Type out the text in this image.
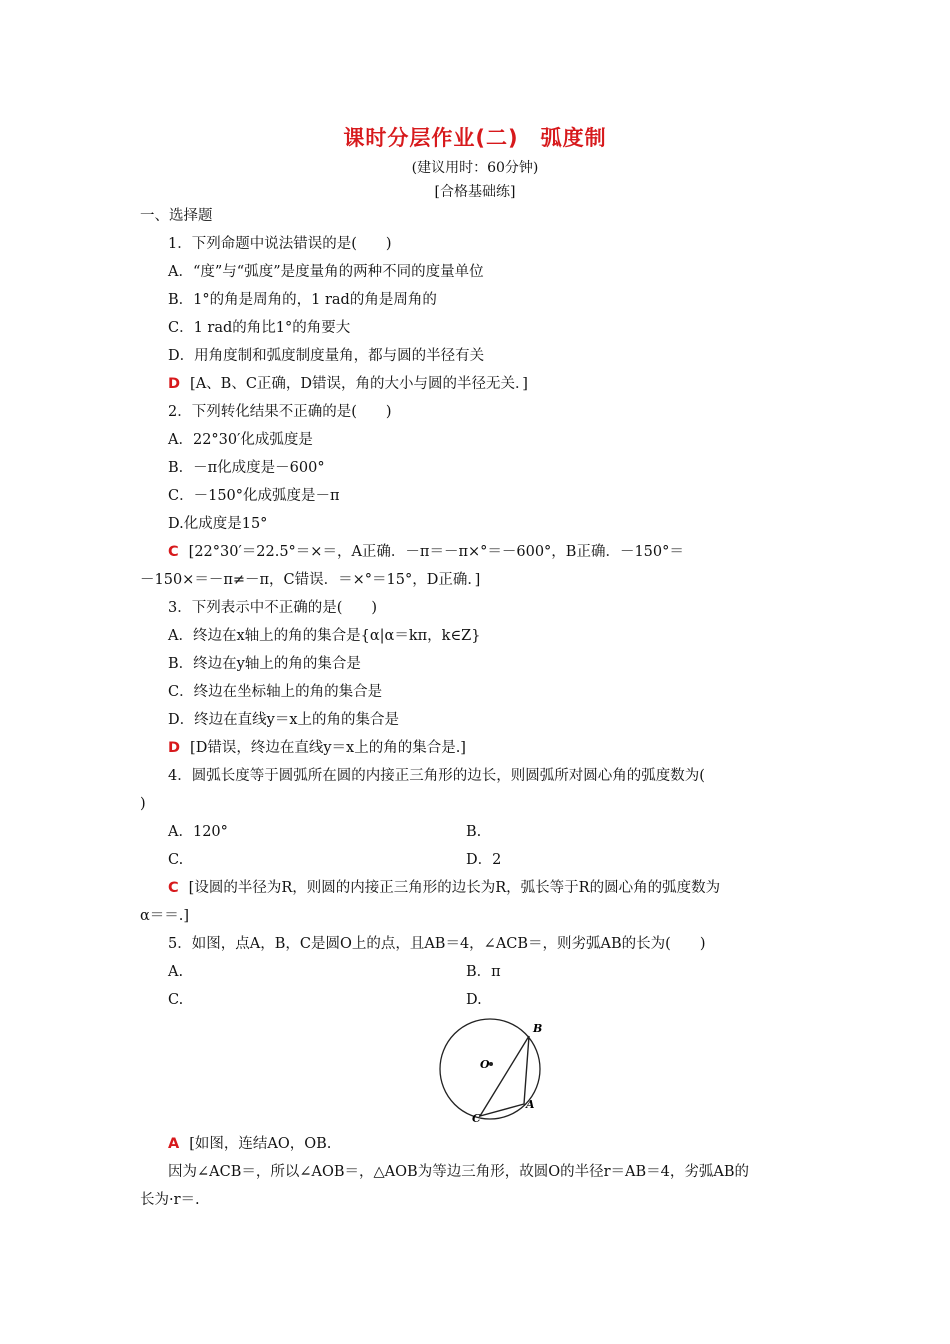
课时分层作业(二)　弧度制
(建议用时：60分钟)
[合格基础练]
一、选择题
1．下列命题中说法错误的是(　　)
A．“度”与“弧度”是度量角的两种不同的度量单位
B．1°的角是周角的，1 rad的角是周角的
C．1 rad的角比1°的角要大
D．用角度制和弧度制度量角，都与圆的半径有关
D [A、B、C正确，D错误，角的大小与圆的半径无关．]
2．下列转化结果不正确的是(　　)
A．22°30′化成弧度是
B．－π化成度是－600°
C．－150°化成弧度是－π
D.化成度是15°
C [22°30′＝22.5°＝×＝，A正确．－π＝－π×°＝－600°，B正确．－150°＝
－150×＝－π≠－π，C错误．＝×°＝15°，D正确．]
3．下列表示中不正确的是(　　)
A．终边在x轴上的角的集合是{α|α＝kπ，k∈Z}
B．终边在y轴上的角的集合是
C．终边在坐标轴上的角的集合是
D．终边在直线y＝x上的角的集合是
D [D错误，终边在直线y＝x上的角的集合是.]
4．圆弧长度等于圆弧所在圆的内接正三角形的边长，则圆弧所对圆心角的弧度数为(
)
A．120°	B.
C.	D．2
C [设圆的半径为R，则圆的内接正三角形的边长为R，弧长等于R的圆心角的弧度数为
α＝＝.]
5．如图，点A，B，C是圆O上的点，且AB＝4，∠ACB＝，则劣弧AB的长为(　　)
A.	B．π
C.	D.
B
O
A
C
A [如图，连结AO，OB.
因为∠ACB＝，所以∠AOB＝，△AOB为等边三角形，故圆O的半径r＝AB＝4，劣弧AB的
长为·r＝.
